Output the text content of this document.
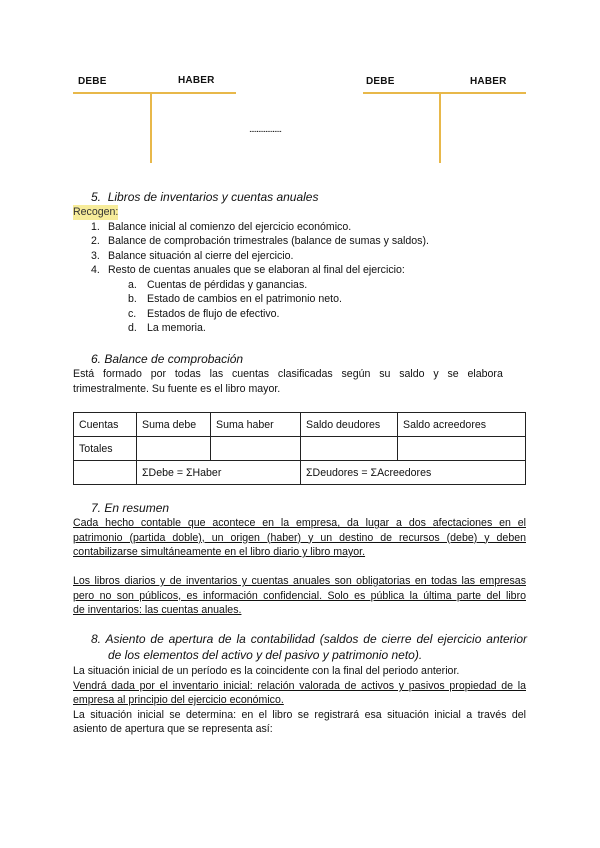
DEBE	HABER
..................
DEBE	HABER
5. Libros de inventarios y cuentas anuales
Recogen:
1. Balance inicial al comienzo del ejercicio económico.
2. Balance de comprobación trimestrales (balance de sumas y saldos).
3. Balance situación al cierre del ejercicio.
4. Resto de cuentas anuales que se elaboran al final del ejercicio:
a. Cuentas de pérdidas y ganancias.
b. Estado de cambios en el patrimonio neto.
c. Estados de flujo de efectivo.
d. La memoria.
6. Balance de comprobación
Está   formado   por   todas   las   cuentas   clasificadas   según   su   saldo   y   se   elabora
trimestralmente. Su fuente es el libro mayor.
Cuentas	Suma debe	Suma haber	Saldo deudores	Saldo acreedores
Totales				
	ΣDebe = ΣHaber		ΣDeudores = ΣAcreedores	
7. En resumen
Cada hecho contable que acontece en la empresa, da lugar a dos afectaciones en el
patrimonio (partida doble), un origen (haber) y un destino de recursos (debe) y deben
contabilizarse simultáneamente en el libro diario y libro mayor.
Los libros diarios y de inventarios y cuentas anuales son obligatorias en todas las empresas
pero no son públicos, es información confidencial. Solo es pública la última parte del libro
de inventarios: las cuentas anuales.
8. Asiento de apertura de la contabilidad (saldos de cierre del ejercicio anterior
de los elementos del activo y del pasivo y patrimonio neto).
La situación inicial de un período es la coincidente con la final del periodo anterior.
Vendrá dada por el inventario inicial: relación valorada de activos y pasivos propiedad de la
empresa al principio del ejercicio económico.
La situación inicial se determina: en el libro se registrará esa situación inicial a través del
asiento de apertura que se representa así:
